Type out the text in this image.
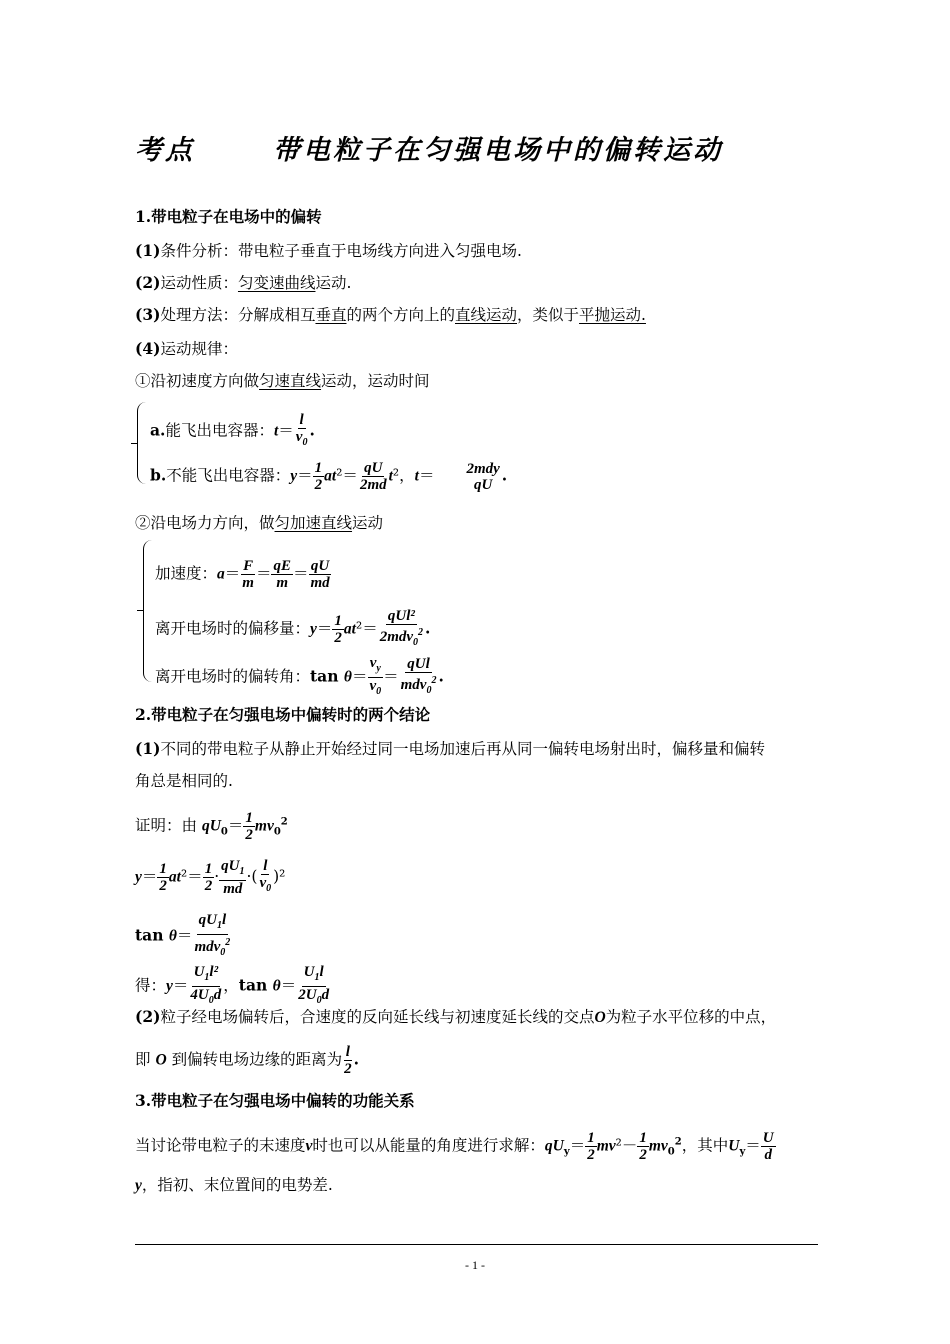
考点	带电粒子在匀强电场中的偏转运动
1.带电粒子在电场中的偏转
(1)条件分析：带电粒子垂直于电场线方向进入匀强电场.
(2)运动性质：匀变速曲线运动.
(3)处理方法：分解成相互垂直的两个方向上的直线运动，类似于平抛运动.
(4)运动规律：
①沿初速度方向做匀速直线运动，运动时间
a.能飞出电容器：$t= \frac{l}{v_0}$ .
b.不能飞出电容器：$y= \frac{1}{2} at^2= \frac{qU}{2md} t^2$，t＝ 2mdy
qU .
②沿电场力方向，做匀加速直线运动
加速度：$a= \frac{F}{m} = \frac{qE}{m} = \frac{qU}{md}$
离开电场时的偏移量：$y= \frac{1}{2} at^2= \frac{\text{qUl²}}{2mdv_0^2}$ .
离开电场时的偏转角：$\tan \theta= \frac{v_y}{v_0} = \frac{\text{qUl}}{mdv_0^2}$ .
2.带电粒子在匀强电场中偏转时的两个结论
(1)不同的带电粒子从静止开始经过同一电场加速后再从同一偏转电场射出时，偏移量和偏转
角总是相同的.
证明：由 $qU_0= \frac{1}{2} mv_0^2$
$y= \frac{1}{2} at^2= \frac{1}{2} \cdot \frac{qU_1}{md}$ ·( $\frac{l}{v_0} )^2$
$\tan \theta= \frac{qU_1l}{mdv_0^2}$
得：$y= \frac{U_1l^2}{4U_0d}$ ，$\tan \theta= \frac{U_1l}{2U_0d}$
(2)粒子经电场偏转后，合速度的反向延长线与初速度延长线的交点O为粒子水平位移的中点，
即 O 到偏转电场边缘的距离为 $\frac{l}{2}$ .
3.带电粒子在匀强电场中偏转的功能关系
当讨论带电粒子的末速度v时也可以从能量的角度进行求解：$qU_y= \frac{1}{2} mv^2- \frac{1}{2} mv_0^2$，其中$U_y= \frac{U}{d}$
y，指初、末位置间的电势差.
- 1 -
